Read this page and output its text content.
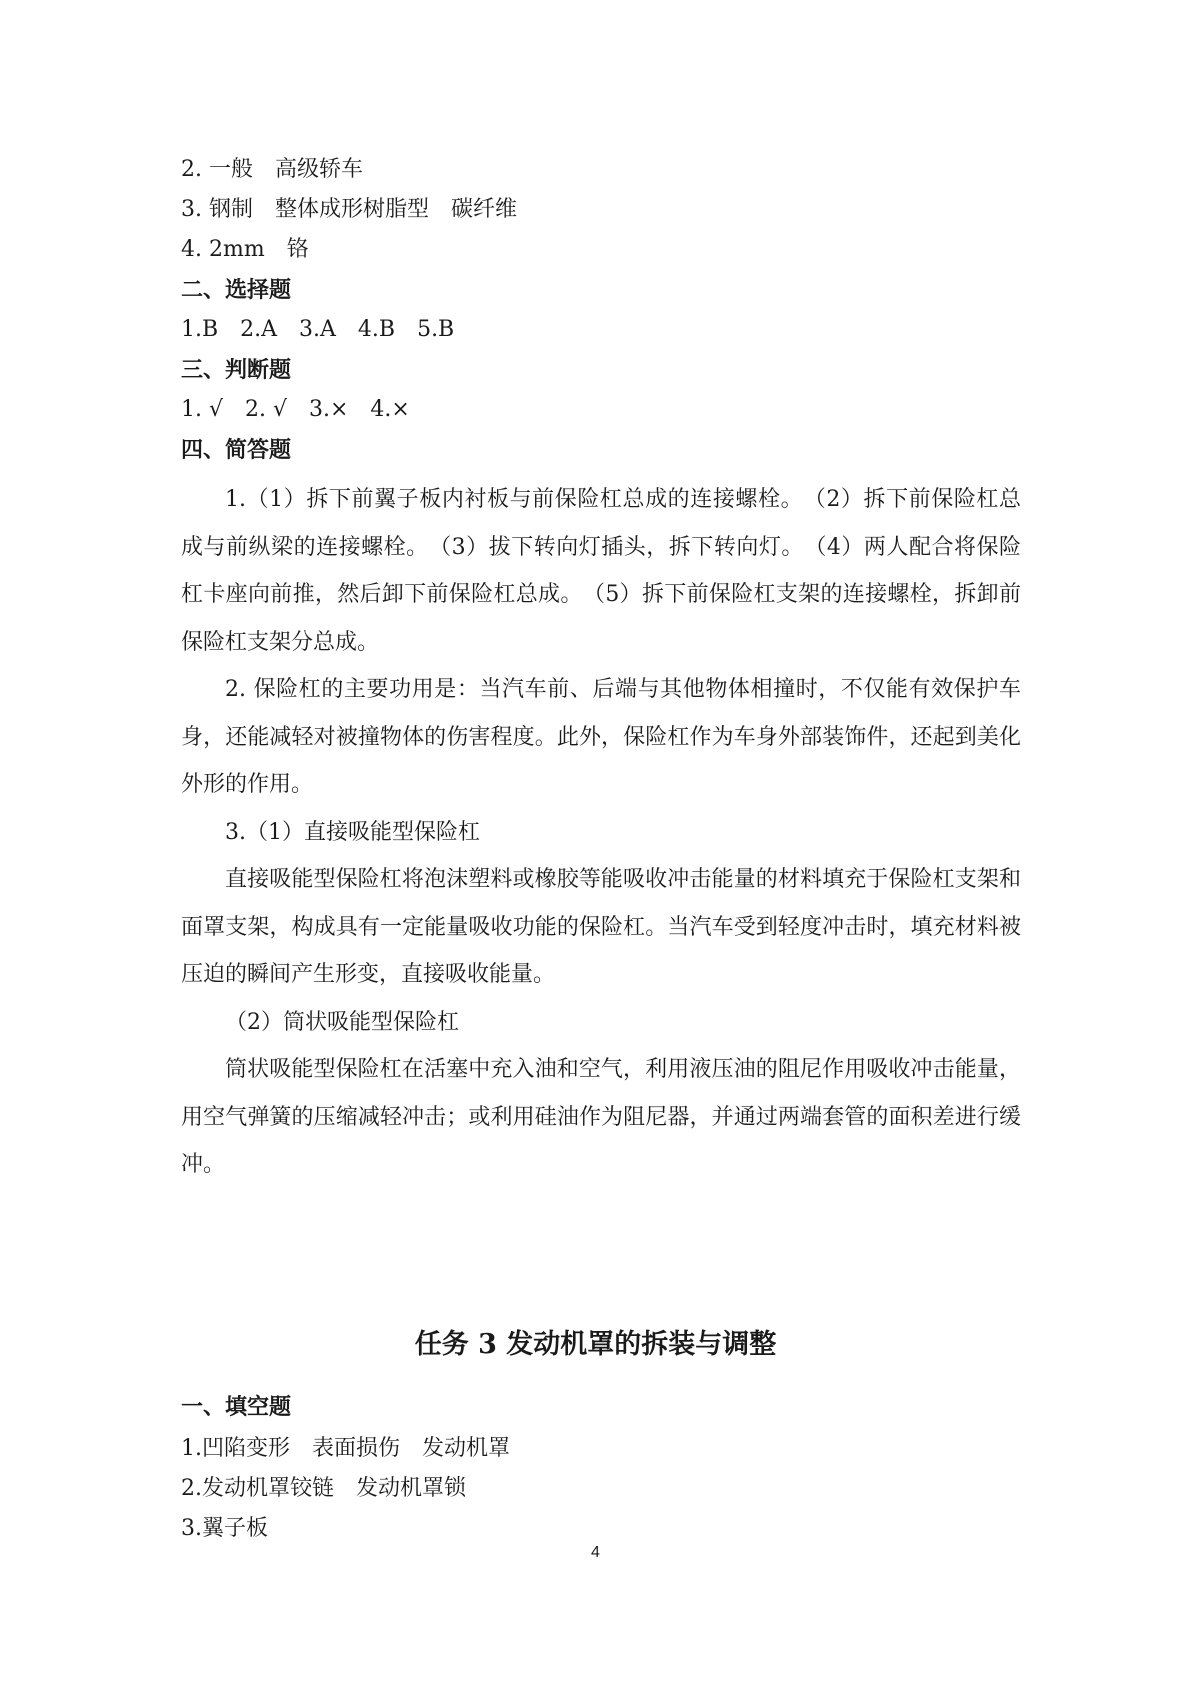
2. 一般　高级轿车
3. 钢制　整体成形树脂型　碳纤维
4. 2mm　铬
二、选择题
1.B　2.A　3.A　4.B　5.B
三、判断题
1. √　2. √　3.×　4.×
四、简答题

1.（1）拆下前翼子板内衬板与前保险杠总成的连接螺栓。　（2）拆下前保险杠总成与前纵梁的连接螺栓。　（3）拔下转向灯插头，拆下转向灯。　（4）两人配合将保险杠卡座向前推，然后卸下前保险杠总成。　（5）拆下前保险杠支架的连接螺栓，拆卸前保险杠支架分总成。

2. 保险杠的主要功用是：当汽车前、后端与其他物体相撞时，不仅能有效保护车身，还能减轻对被撞物体的伤害程度。此外，保险杠作为车身外部装饰件，还起到美化外形的作用。

3.（1）直接吸能型保险杠

直接吸能型保险杠将泡沫塑料或橡胶等能吸收冲击能量的材料填充于保险杠支架和面罩支架，构成具有一定能量吸收功能的保险杠。当汽车受到轻度冲击时，填充材料被压迫的瞬间产生形变，直接吸收能量。

（2）筒状吸能型保险杠

筒状吸能型保险杠在活塞中充入油和空气，利用液压油的阻尼作用吸收冲击能量，用空气弹簧的压缩减轻冲击；或利用硅油作为阻尼器，并通过两端套管的面积差进行缓冲。

任务 3 发动机罩的拆装与调整
一、填空题
1.凹陷变形　表面损伤　发动机罩
2.发动机罩铰链　发动机罩锁
3.翼子板
4
